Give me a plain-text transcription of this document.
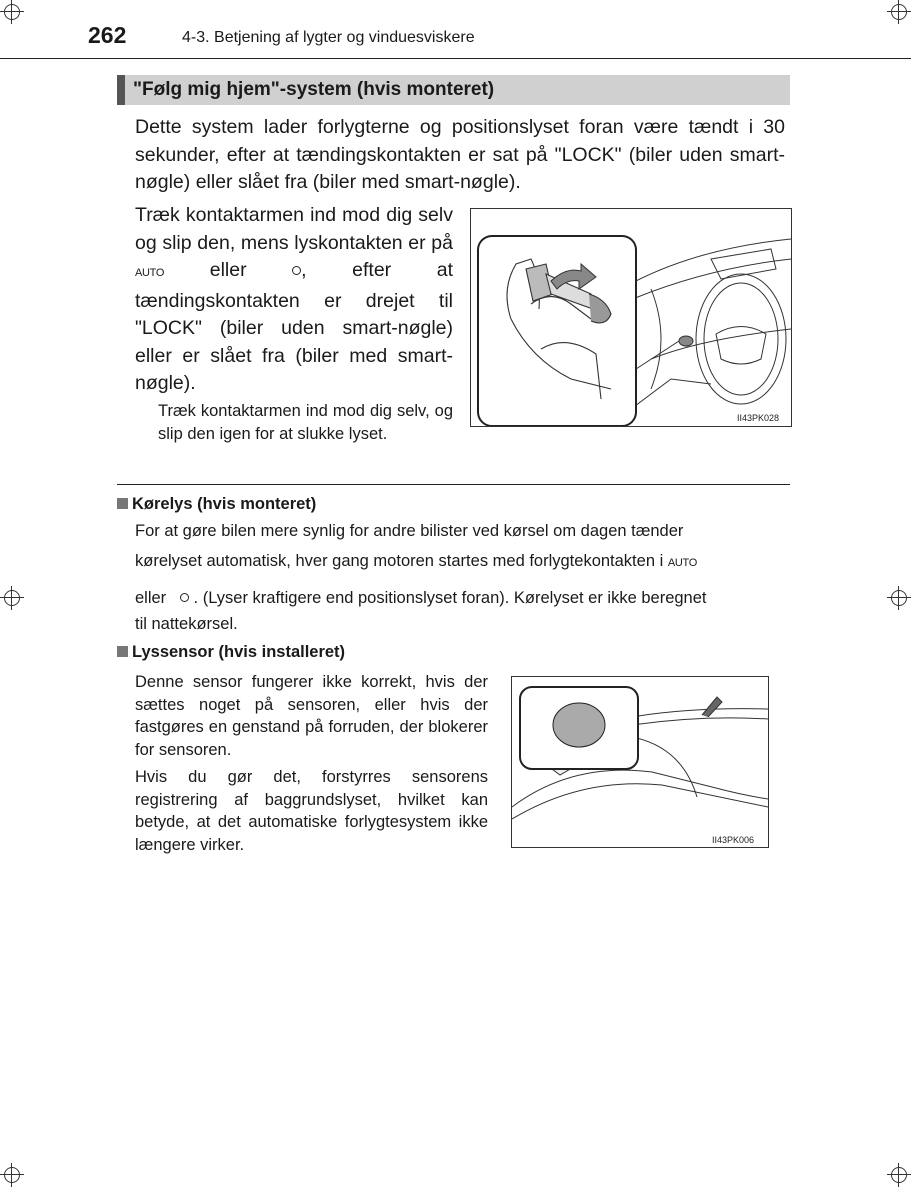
262	4-3. Betjening af lygter og vinduesviskere
"Følg mig hjem"-system (hvis monteret)
Dette system lader forlygterne og positionslyset foran være tændt i 30 sekunder, efter at tændingskontakten er sat på "LOCK" (biler uden smart-nøgle) eller slået fra (biler med smart-nøgle).
Træk kontaktarmen ind mod dig selv og slip den, mens lyskontakten er på AUTO eller	, efter at tændingskontakten er drejet til "LOCK" (biler uden smart-nøgle) eller er slået fra (biler med smart-nøgle).
Træk kontaktarmen ind mod dig selv, og slip den igen for at slukke lyset.
II43PK028
Kørelys (hvis monteret)
For at gøre bilen mere synlig for andre bilister ved kørsel om dagen tænder
kørelyset automatisk, hver gang motoren startes med forlygtekontakten i AUTO
eller . (Lyser kraftigere end positionslyset foran). Kørelyset er ikke beregnet
til nattekørsel.
Lyssensor (hvis installeret)
Denne sensor fungerer ikke korrekt, hvis der sættes noget på sensoren, eller hvis der fastgøres en genstand på forruden, der blokerer for sensoren.
Hvis du gør det, forstyrres sensorens registrering af baggrundslyset, hvilket kan betyde, at det automatiske forlygtesystem ikke længere virker.	II43PK006
